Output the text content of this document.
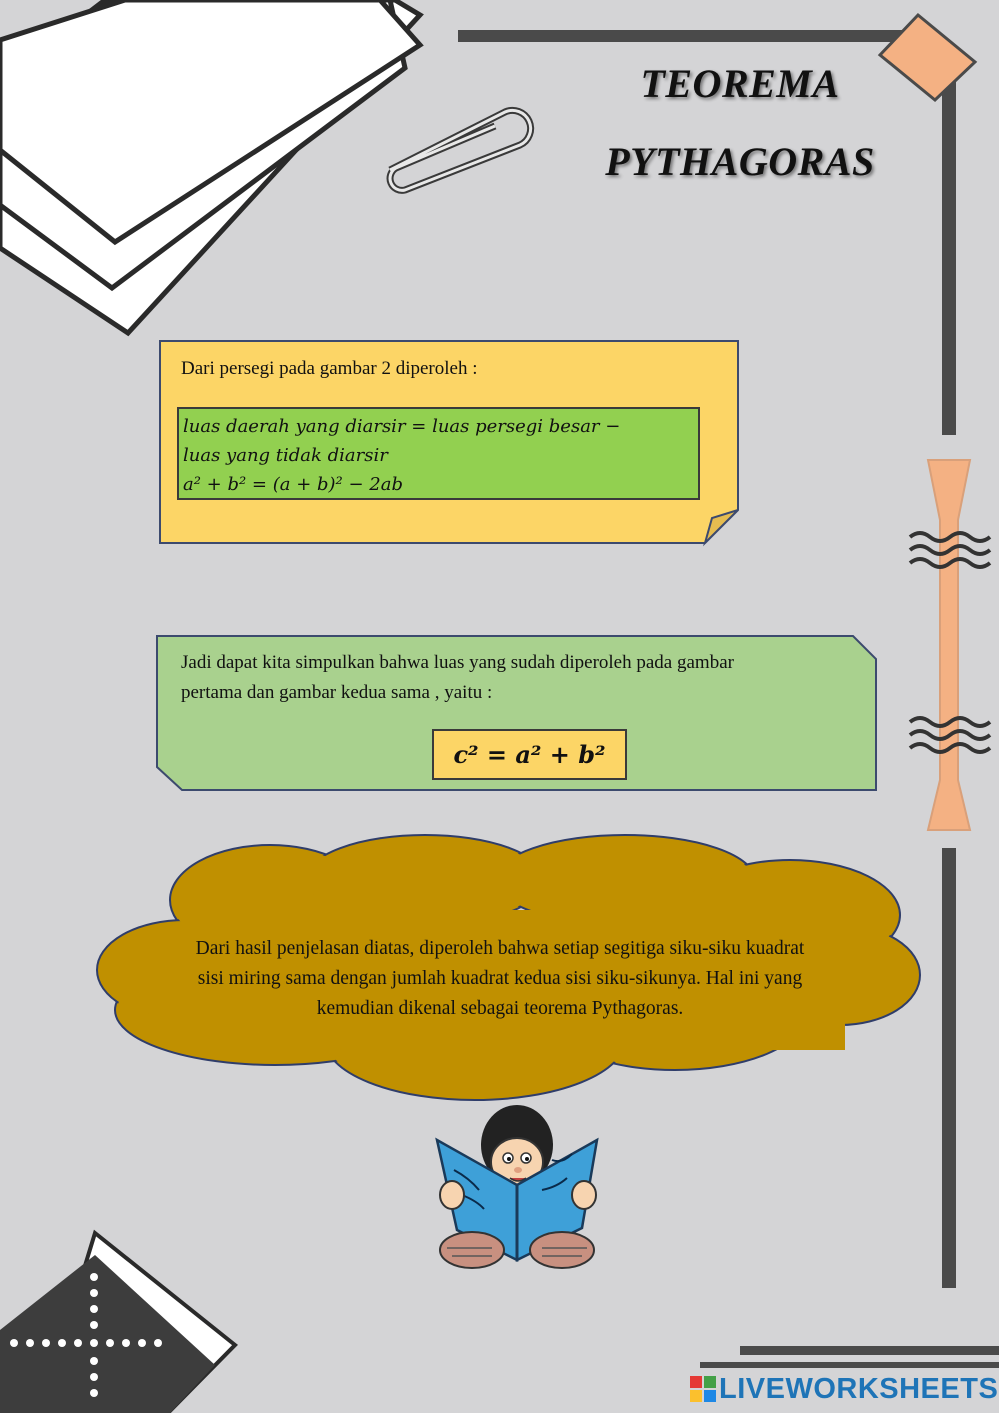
TEOREMA
PYTHAGORAS
Dari persegi pada gambar 2 diperoleh :
luas daerah yang diarsir = luas persegi besar −
luas yang tidak diarsir
a² + b² = (a + b)² − 2ab
Jadi dapat kita simpulkan bahwa luas yang sudah diperoleh pada gambar
pertama dan gambar kedua sama , yaitu :
c² = a² + b²
Dari hasil penjelasan diatas, diperoleh bahwa setiap segitiga siku-siku kuadrat
sisi miring sama dengan jumlah kuadrat kedua sisi siku-sikunya. Hal ini yang
kemudian dikenal sebagai teorema Pythagoras.
LIVEWORKSHEETS
